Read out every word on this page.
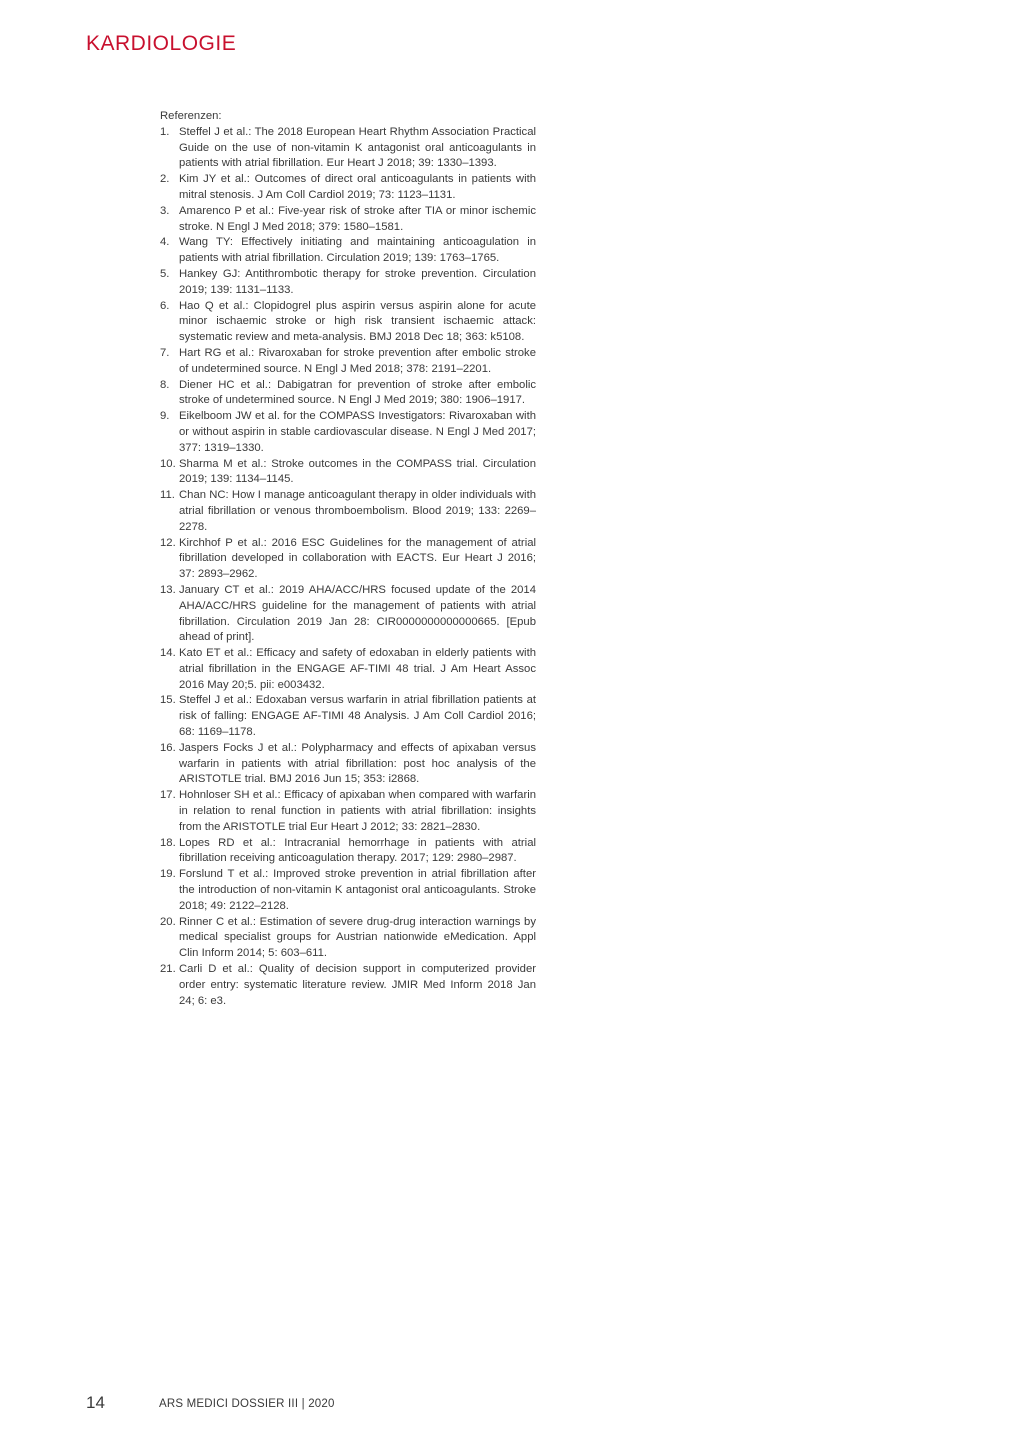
KARDIOLOGIE

Referenzen:

1. Steffel J et al.: The 2018 European Heart Rhythm Association Practical Guide on the use of non-vitamin K antagonist oral anticoagulants in patients with atrial fibrillation. Eur Heart J 2018; 39: 1330–1393.
2. Kim JY et al.: Outcomes of direct oral anticoagulants in patients with mitral stenosis. J Am Coll Cardiol 2019; 73: 1123–1131.
3. Amarenco P et al.: Five-year risk of stroke after TIA or minor ischemic stroke. N Engl J Med 2018; 379: 1580–1581.
4. Wang TY: Effectively initiating and maintaining anticoagulation in patients with atrial fibrillation. Circulation 2019; 139: 1763–1765.
5. Hankey GJ: Antithrombotic therapy for stroke prevention. Circulation 2019; 139: 1131–1133.
6. Hao Q et al.: Clopidogrel plus aspirin versus aspirin alone for acute minor ischaemic stroke or high risk transient ischaemic attack: systematic review and meta-analysis. BMJ 2018 Dec 18; 363: k5108.
7. Hart RG et al.: Rivaroxaban for stroke prevention after embolic stroke of undetermined source. N Engl J Med 2018; 378: 2191–2201.
8. Diener HC et al.: Dabigatran for prevention of stroke after embolic stroke of undetermined source. N Engl J Med 2019; 380: 1906–1917.
9. Eikelboom JW et al. for the COMPASS Investigators: Rivaroxaban with or without aspirin in stable cardiovascular disease. N Engl J Med 2017; 377: 1319–1330.
10. Sharma M et al.: Stroke outcomes in the COMPASS trial. Circulation 2019; 139: 1134–1145.
11. Chan NC: How I manage anticoagulant therapy in older individuals with atrial fibrillation or venous thromboembolism. Blood 2019; 133: 2269–2278.
12. Kirchhof P et al.: 2016 ESC Guidelines for the management of atrial fibrillation developed in collaboration with EACTS. Eur Heart J 2016; 37: 2893–2962.
13. January CT et al.: 2019 AHA/ACC/HRS focused update of the 2014 AHA/ACC/HRS guideline for the management of patients with atrial fibrillation. Circulation 2019 Jan 28: CIR0000000000000665. [Epub ahead of print].
14. Kato ET et al.: Efficacy and safety of edoxaban in elderly patients with atrial fibrillation in the ENGAGE AF-TIMI 48 trial. J Am Heart Assoc 2016 May 20;5. pii: e003432.
15. Steffel J et al.: Edoxaban versus warfarin in atrial fibrillation patients at risk of falling: ENGAGE AF-TIMI 48 Analysis. J Am Coll Cardiol 2016; 68: 1169–1178.
16. Jaspers Focks J et al.: Polypharmacy and effects of apixaban versus warfarin in patients with atrial fibrillation: post hoc analysis of the ARISTOTLE trial. BMJ 2016 Jun 15; 353: i2868.
17. Hohnloser SH et al.: Efficacy of apixaban when compared with warfarin in relation to renal function in patients with atrial fibrillation: insights from the ARISTOTLE trial Eur Heart J 2012; 33: 2821–2830.
18. Lopes RD et al.: Intracranial hemorrhage in patients with atrial fibrillation receiving anticoagulation therapy. 2017; 129: 2980–2987.
19. Forslund T et al.: Improved stroke prevention in atrial fibrillation after the introduction of non-vitamin K antagonist oral anticoagulants. Stroke 2018; 49: 2122–2128.
20. Rinner C et al.: Estimation of severe drug-drug interaction warnings by medical specialist groups for Austrian nationwide eMedication. Appl Clin Inform 2014; 5: 603–611.
21. Carli D et al.: Quality of decision support in computerized provider order entry: systematic literature review. JMIR Med Inform 2018 Jan 24; 6: e3.
14	ARS MEDICI DOSSIER III | 2020
